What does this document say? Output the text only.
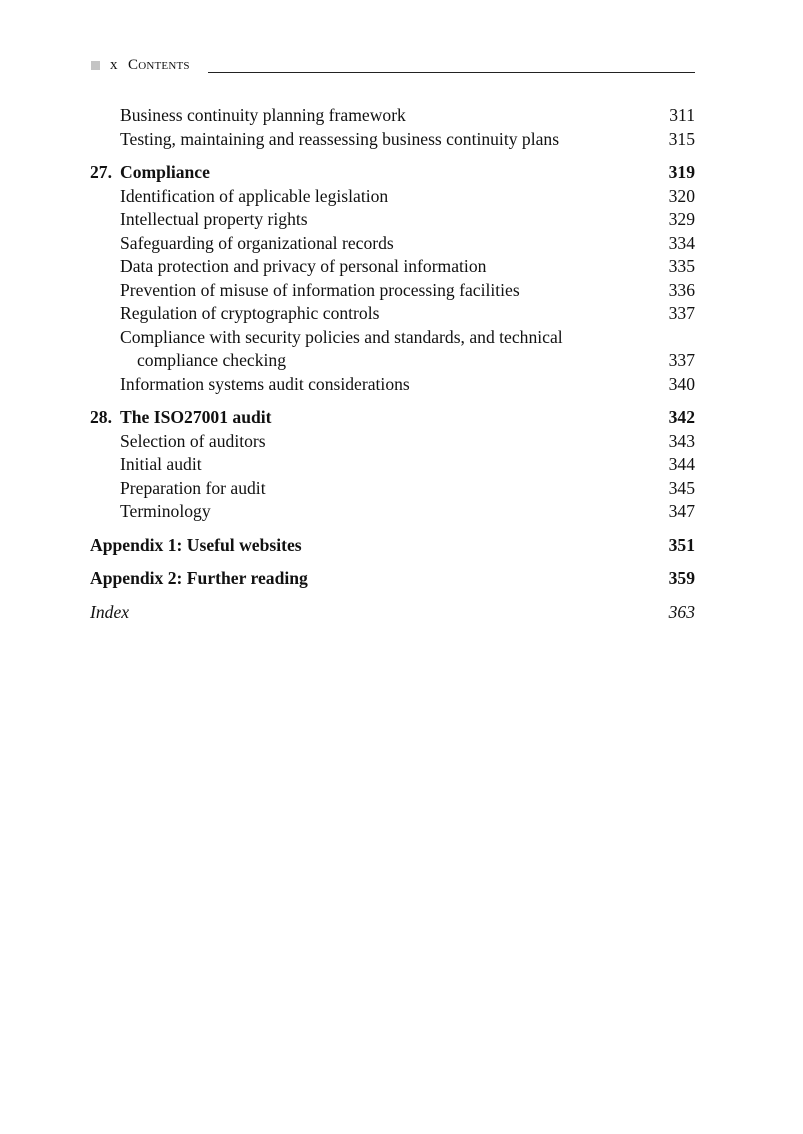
x Contents
Business continuity planning framework	311
Testing, maintaining and reassessing business continuity plans	315
27. Compliance	319
Identification of applicable legislation	320
Intellectual property rights	329
Safeguarding of organizational records	334
Data protection and privacy of personal information	335
Prevention of misuse of information processing facilities	336
Regulation of cryptographic controls	337
Compliance with security policies and standards, and technical
compliance checking	337
Information systems audit considerations	340
28. The ISO27001 audit	342
Selection of auditors	343
Initial audit	344
Preparation for audit	345
Terminology	347
Appendix 1: Useful websites	351
Appendix 2: Further reading	359
Index	363
